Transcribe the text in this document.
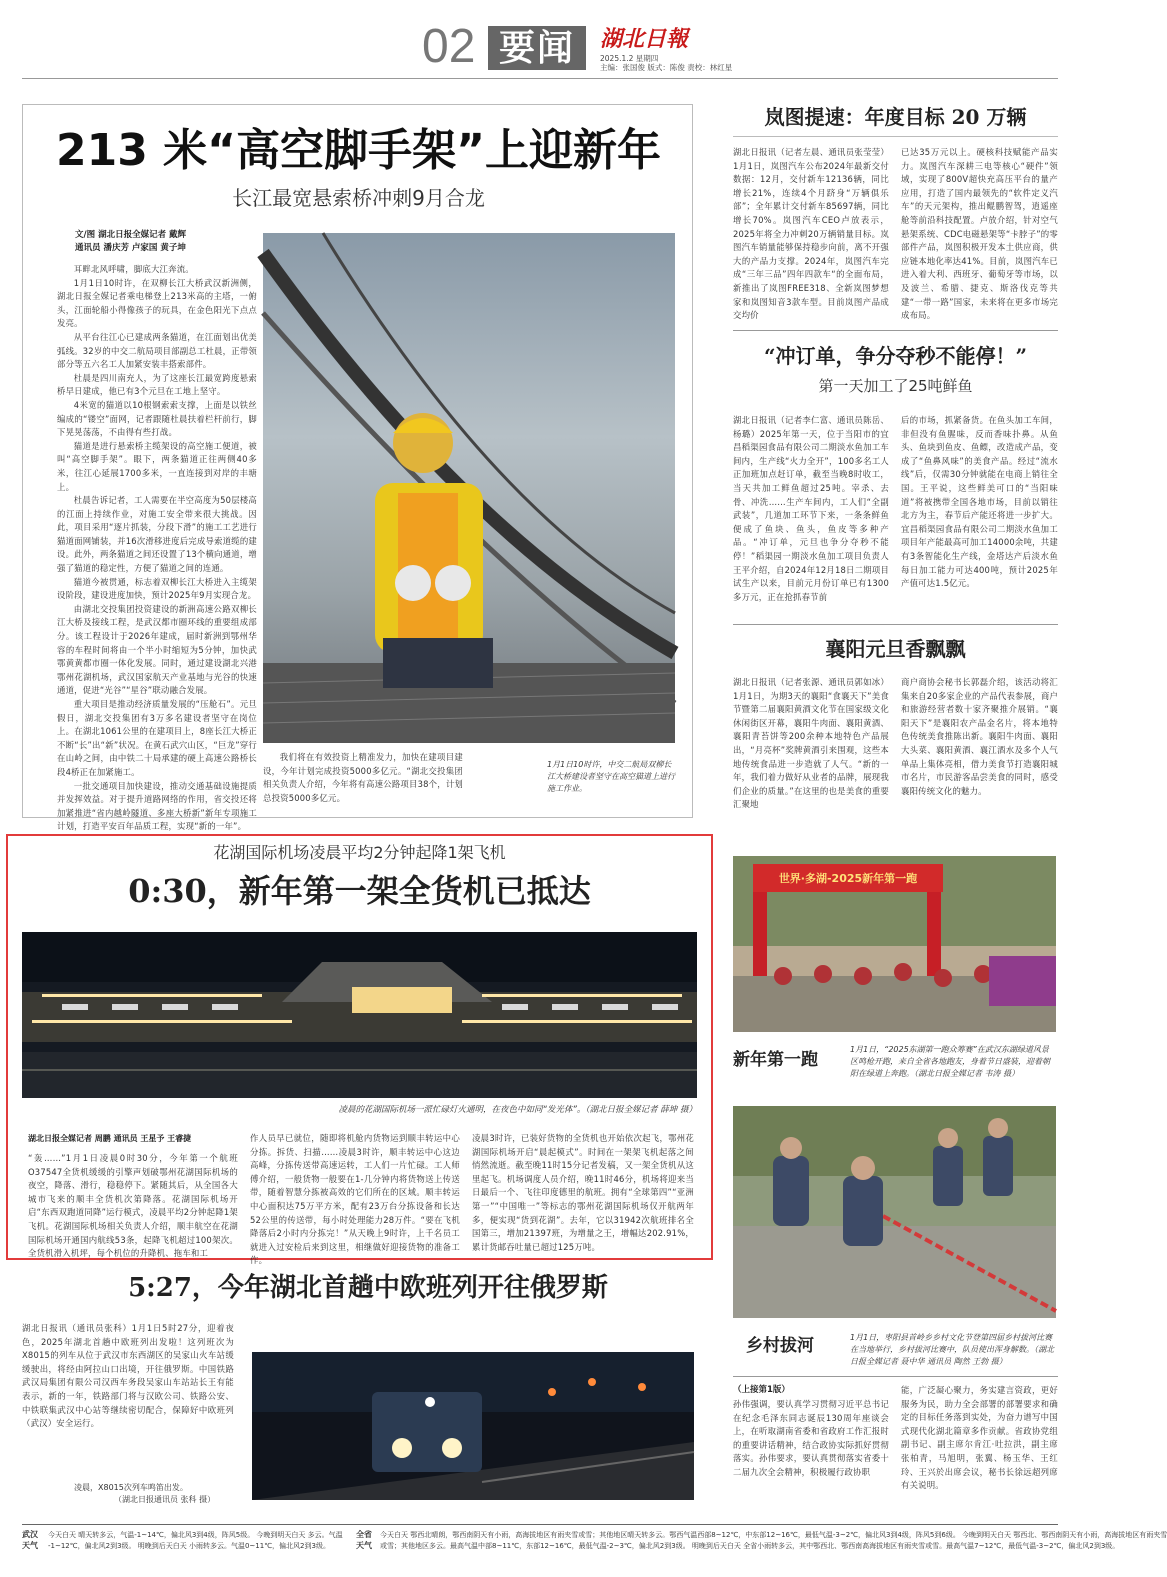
02 要闻	湖北日報
2025.1.2 星期四
主编：张国俊 版式：陈俊 责校：林红星
213 米“高空脚手架”上迎新年
长江最宽悬索桥冲刺9月合龙
文/图 湖北日报全媒记者 戴辉
通讯员 潘庆芳 卢家国 黄子坤

耳畔北风呼啸，脚底大江奔流。

1月1日10时许，在双柳长江大桥武汉新洲侧，湖北日报全媒记者乘电梯登上213米高的主塔，一俯头，江面轮船小得像孩子的玩具，在金色阳光下点点发亮。

从平台往江心已建成两条猫道，在江面划出优美弧线。32岁的中交二航局项目部副总工杜晨，正带领部分等五六名工人加紧安装丰搭索部件。

杜晨是四川南充人，为了这座长江最宽跨度悬索桥早日建成，他已有3个元旦在工地上坚守。

4米宽的猫道以10根钢索索支撑，上面是以铁丝编成的“镂空”面网，记者跟随杜晨扶着栏杆前行，脚下晃晃荡荡，不由得有些打战。

猫道是进行悬索桥主缆架设的高空施工便道，被叫“高空脚手架”。眼下，两条猫道正往两侧40多米，往江心延展1700多米，一直连接到对岸的丰塘上。

杜晨告诉记者，工人需要在半空高度为50层楼高的江面上持续作业，对施工安全带来很大挑战。因此，项目采用“逐片抓装，分段下滑”的施工工艺进行猫道面网铺装，并16次滑移进度后完成导索道缆的建设。此外，两条猫道之间还设置了13个横向通道，增强了猫道的稳定性，方便了猫道之间的连通。

猫道今被贯通，标志着双柳长江大桥进入主缆架设阶段，建设进度加快，预计2025年9月实现合龙。

由湖北交投集团投资建设的新洲高速公路双柳长江大桥及接线工程，是武汉都市圈环线的重要组成部分。该工程设计于2026年建成，届时新洲到鄂州华容的车程时间将由一个半小时缩短为5分钟，加快武鄂黄黄都市圈一体化发展。同时，通过建设湖北兴港鄂州花湖机场，武汉国家航天产业基地与光谷的快速通道，促进“光谷”“星谷”联动融合发展。

重大项目是推动经济质量发展的“压舱石”。元旦假日，湖北交投集团有3万多名建设者坚守在岗位上。在湖北1061公里的在建项目上，8座长江大桥正不断“长”出“新”状况。在黄石武穴山区，“巨龙”穿行在山岭之间，由中铁二十局承建的硬上高速公路桥长段4桥正在加紧施工。

一批交通项目加快建设，推动交通基础设施提质并发挥效益。对于提升道路网络的作用，省交投还将加紧推进“省内越岭隧道、多座大桥新”新年专项施工计划，打造平安百年品质工程，实现“新的一年”。

我们将在有效投资上精准发力，加快在建项目建设，今年计划完成投资5000多亿元。“湖北交投集团相关负责人介绍，今年将有高速公路项目38个，计划总投资5000多亿元。

1月1日10时许，中交二航局双柳长江大桥建设者坚守在高空猫道上进行施工作业。
岚图提速：年度目标 20 万辆
湖北日报讯（记者左晨、通讯员张莹莹）1月1日，岚图汽车公布2024年最新交付数据：12月，交付新车12136辆，同比增长21%，连续4个月跻身“万辆俱乐部”；全年累计交付新车85697辆，同比增长70%。岚图汽车CEO卢放表示，2025年将全力冲刺20万辆销量目标。岚图汽车销量能够保持稳步向前，离不开强大的产品力支撑。2024年，岚图汽车完成“三年三品”四年四款车“的全面布局，新推出了岚图FREE318、全新岚图梦想家和岚图知音3款车型。目前岚图产品成交均价
已达35万元以上。硬核科技赋能产品实力。岚图汽车深耕三电等核心“硬件”领域，实现了800V超快充高压平台的量产应用，打造了国内最领先的“软件定义汽车”的天元架构，推出鲲鹏智驾，逍遥座舱等前沿科技配置。卢放介绍，针对空气悬架系统、CDC电磁悬架等“卡脖子”的零部件产品，岚图积极开发本土供应商，供应链本地化率达41%。目前，岚图汽车已进入着大利、西班牙、葡萄牙等市场，以及波兰、希腊、捷克、斯洛伐克等共建“一带一路”国家，未来将在更多市场完成布局。
“冲订单，争分夺秒不能停！”
第一天加工了25吨鲜鱼
湖北日报讯（记者李仁富、通讯员陈岳、杨璐）2025年第一天，位于当阳市的宜昌稻渠园食品有限公司二期淡水鱼加工车间内，生产线“火力全开”，100多名工人正加班加点赶订单，截至当晚8时收工，当天共加工鲜鱼超过25吨。宰杀、去骨、冲洗……生产车间内，工人们“全副武装”，几道加工环节下来，一条条鲜鱼便成了鱼块、鱼头，鱼皮等多种产品。“冲订单，元旦也争分夺秒不能停！”稻渠园一期淡水鱼加工项目负责人王平介绍，自2024年12月18日二期项目试生产以来，目前元月份订单已有1300多万元，正在抢抓春节前
后的市场，抓紧备货。在鱼头加工车间，非但没有鱼腥味，反而香味扑鼻。从鱼头、鱼块到鱼皮、鱼鳔，改造成产品，变成了“鱼鼻风味”的美食产品。经过“流水线”后，仅需30分钟就能在电商上销往全国。王平说，这些鲜美可口的“当阳味道”将被携带全国各地市场，目前以销往北方为主，春节后产能还将进一步扩大。宜昌稻渠园食品有限公司二期淡水鱼加工项目年产能最高可加工14000余吨，共建有3条智能化生产线，金塔达产后淡水鱼每日加工能力可达400吨，预计2025年产值可达1.5亿元。
襄阳元旦香飘飘
湖北日报讯（记者张源、通讯员郭如冰）1月1日，为期3天的襄阳“食襄天下”美食节暨第二届襄阳黄酒文化节在国家级文化休闲街区开幕，襄阳牛肉面、襄阳黄酒、襄阳青苔饼等200余种本地特色产品展出，“月亮杯”奖牌黄酒引来围观，这些本地传统食品进一步造就了人气。“新的一年，我们着力做好从业者的品牌，展现我们企业的质量。”在这里的也是美食的重要汇聚地
商户商协会秘书长郭磊介绍，该活动将汇集来自20多家企业的产品代表参展，商户和旅游经营者数十家齐聚推介展销。“襄阳天下”是襄阳农产品金名片，将本地特色传统美食推陈出新。襄阳牛肉面、襄阳大头菜、襄阳黄酒、襄江酒水及多个人气单品上集体亮相，借力美食节打造襄阳城市名片，市民游客品尝美食的同时，感受襄阳传统文化的魅力。
花湖国际机场凌晨平均2分钟起降1架飞机
0:30，新年第一架全货机已抵达
凌晨的花湖国际机场一派忙碌灯火通明，在夜色中如同“发光体”。（湖北日报全媒记者 薛坤 摄）
湖北日报全媒记者 周鹏 通讯员 王星予 王睿捷
“轰……”1月1日凌晨0时30分，今年第一个航班O37547全货机缓缓的引擎声划破鄂州花湖国际机场的夜空，降落、滑行，稳稳停下。紧随其后，从全国各大城市飞来的顺丰全货机次第降落。花湖国际机场开启“东西双跑道同降”运行模式，凌晨平均2分钟起降1架飞机。花湖国际机场相关负责人介绍，顺丰航空在花湖国际机场开通国内航线53条，起降飞机超过100架次。全货机滑入机坪，每个机位的升降机、拖车和工
作人员早已就位，随即将机舱内货物运到顺丰转运中心分拣。拆货、扫描……凌晨3时许，顺丰转运中心这边高峰，分拣传送带高速运转，工人们一片忙碌。工人师傅介绍，一般货物一般要在1-几分钟内将货物送上传送带，随着智慧分拣被高效的它们所在的区域。顺丰转运中心面积达75万平方米，配有23万台分拣设备和长达52公里的传送带，每小时处理能力28万件。“要在飞机降落后2小时内分拣完！”从天晚上9时许，上千名员工就进入过安检后来到这里，相继做好迎接货物的准备工作。
凌晨3时许，已装好货物的全货机也开始依次起飞，鄂州花湖国际机场开启“晨起模式”。时间在一架架飞机起落之间悄然流逝。截至晚11时15分记者发稿，又一架全货机从这里起飞。机场调度人员介绍，晚11时46分，机场将迎来当日最后一个、飞往印度德里的航班。拥有“全球第四”“亚洲第一”“中国唯一”等标志的鄂州花湖国际机场仅开航两年多，便实现“货到花湖”。去年，它以31942次航班排名全国第三，增加21397班，为增量之王，增幅达202.91%，累计货邮吞吐量已超过125万吨。
世界·多湖-2025新年第一跑
新年第一跑
1月1日，“2025东湖第一跑众筹赛”在武汉东湖绿道风景区鸣枪开跑，来自全省各地跑友，身着节日盛装，迎着朝阳在绿道上奔跑。（湖北日报全媒记者 韦涛 摄）
乡村拔河	1月1日，枣阳县首岭乡乡村文化节登第四届乡村拔河比赛在当地举行，乡村拔河比赛中，队员使出浑身解数。（湖北日报全媒记者 聂中华 通讯员 陶然 王勃 摄）
5:27，今年湖北首趟中欧班列开往俄罗斯
湖北日报讯（通讯员张科）1月1日5时27分，迎着夜色，2025年湖北首趟中欧班列出发啦！这列班次为X8015的列车从位于武汉市东西湖区的吴家山火车站缓缓驶出，将经由阿拉山口出境，开往俄罗斯。中国铁路武汉局集团有限公司汉西车务段吴家山车站站长王有能表示，新的一年，铁路部门将与汉欧公司、铁路公安、中铁联集武汉中心站等继续密切配合，保障好中欧班列（武汉）安全运行。
凌晨，X8015次列车鸣笛出发。
（湖北日报通讯员 张科 摄）
（上接第1版）
孙伟强调，要认真学习贯彻习近平总书记在纪念毛泽东同志诞辰130周年座谈会上，在听取湖南省委和省政府工作汇报时的重要讲话精神，结合政协实际抓好贯彻落实。孙伟要求，要认真贯彻落实省委十二届九次全会精神，积极履行政协职
能，广泛凝心聚力，务实建言资政，更好服务为民，助力全会部署的部署要求和确定的目标任务落到实处，为奋力谱写中国式现代化湖北篇章多作贡献。省政协党组副书记、副主席尔肯江·吐拉洪，副主席张柏青，马旭明，张翼、杨玉华、王红玲、王兴於出席会议，秘书长徐远超列席有关说明。
武汉
天气
今天白天 晴天转多云，气温-1~14℃，偏北风3到4级，阵风5级。 今晚到明天白天 多云。气温
-1~12℃，偏北风2到3级。 明晚到后天白天 小雨转多云。气温0~11℃，偏北风2到3级。
全省
天气
今天白天 鄂西北晴朗，鄂西南阴天有小雨，高海拔地区有雨夹雪或雪；其他地区晴天转多云。鄂西气温西部8~12℃，中东部12~16℃，最低气温-3~2℃，偏北风3到4级，阵风5到6级。 今晚到明天白天 鄂西北、鄂西南阴天有小雨，高海拔地区有雨夹雪
或雪；其他地区多云。最高气温中部8~11℃，东部12~16℃，最低气温-2~3℃，偏北风2到3级。 明晚到后天白天 全省小雨转多云，其中鄂西北、鄂西南高海拔地区有雨夹雪或雪。最高气温7~12℃，最低气温-3~2℃，偏北风2到3级。
